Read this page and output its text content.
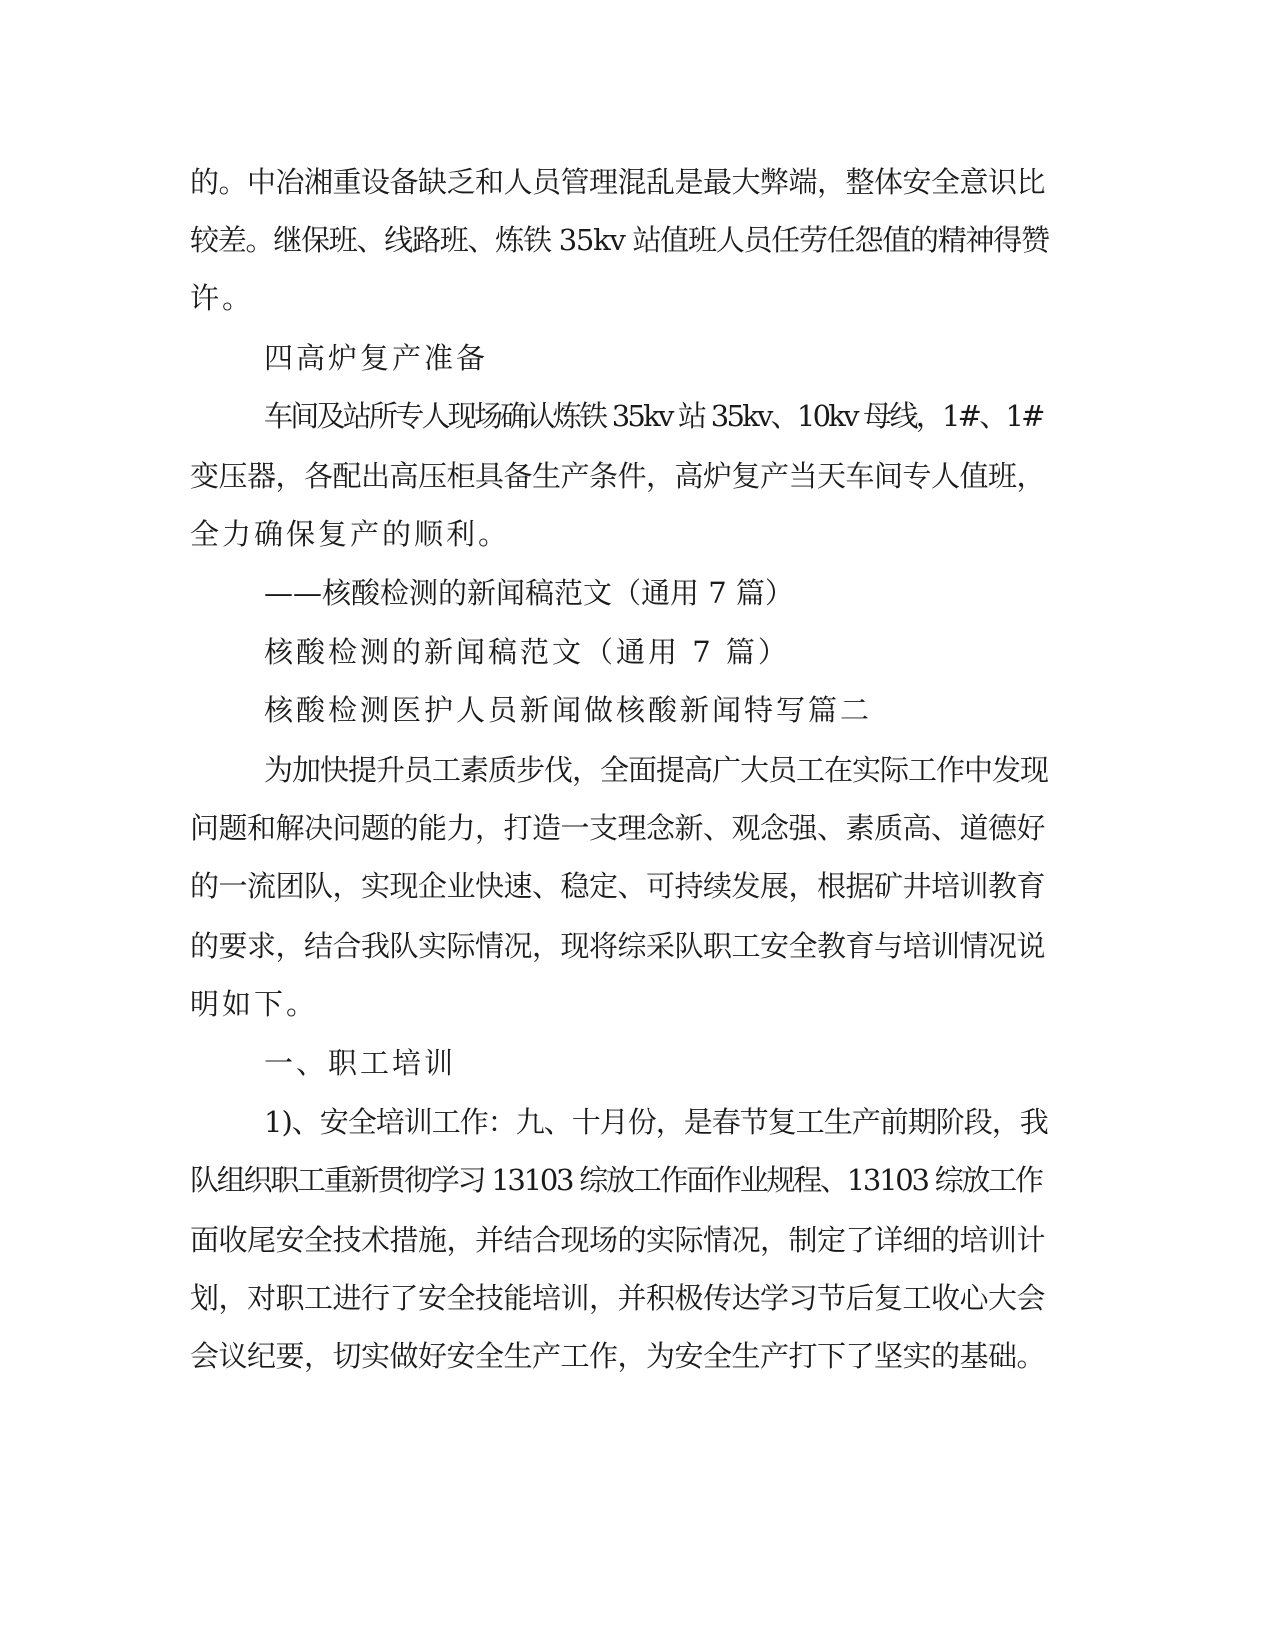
的。中冶湘重设备缺乏和人员管理混乱是最大弊端，整体安全意识比
较差。继保班、线路班、炼铁 35kv 站值班人员任劳任怨值的精神得赞
许。
四高炉复产准备
车间及站所专人现场确认炼铁 35kv 站 35kv、10kv 母线，1#、1#
变压器，各配出高压柜具备生产条件，高炉复产当天车间专人值班，
全力确保复产的顺利。
——核酸检测的新闻稿范文（通用 7 篇）
核酸检测的新闻稿范文（通用 7 篇）
核酸检测医护人员新闻做核酸新闻特写篇二
为加快提升员工素质步伐，全面提高广大员工在实际工作中发现
问题和解决问题的能力，打造一支理念新、观念强、素质高、道德好
的一流团队，实现企业快速、稳定、可持续发展，根据矿井培训教育
的要求，结合我队实际情况，现将综采队职工安全教育与培训情况说
明如下。
一、职工培训
1)、安全培训工作：九、十月份，是春节复工生产前期阶段，我
队组织职工重新贯彻学习 13103 综放工作面作业规程、13103 综放工作
面收尾安全技术措施，并结合现场的实际情况，制定了详细的培训计
划，对职工进行了安全技能培训，并积极传达学习节后复工收心大会
会议纪要，切实做好安全生产工作，为安全生产打下了坚实的基础。
